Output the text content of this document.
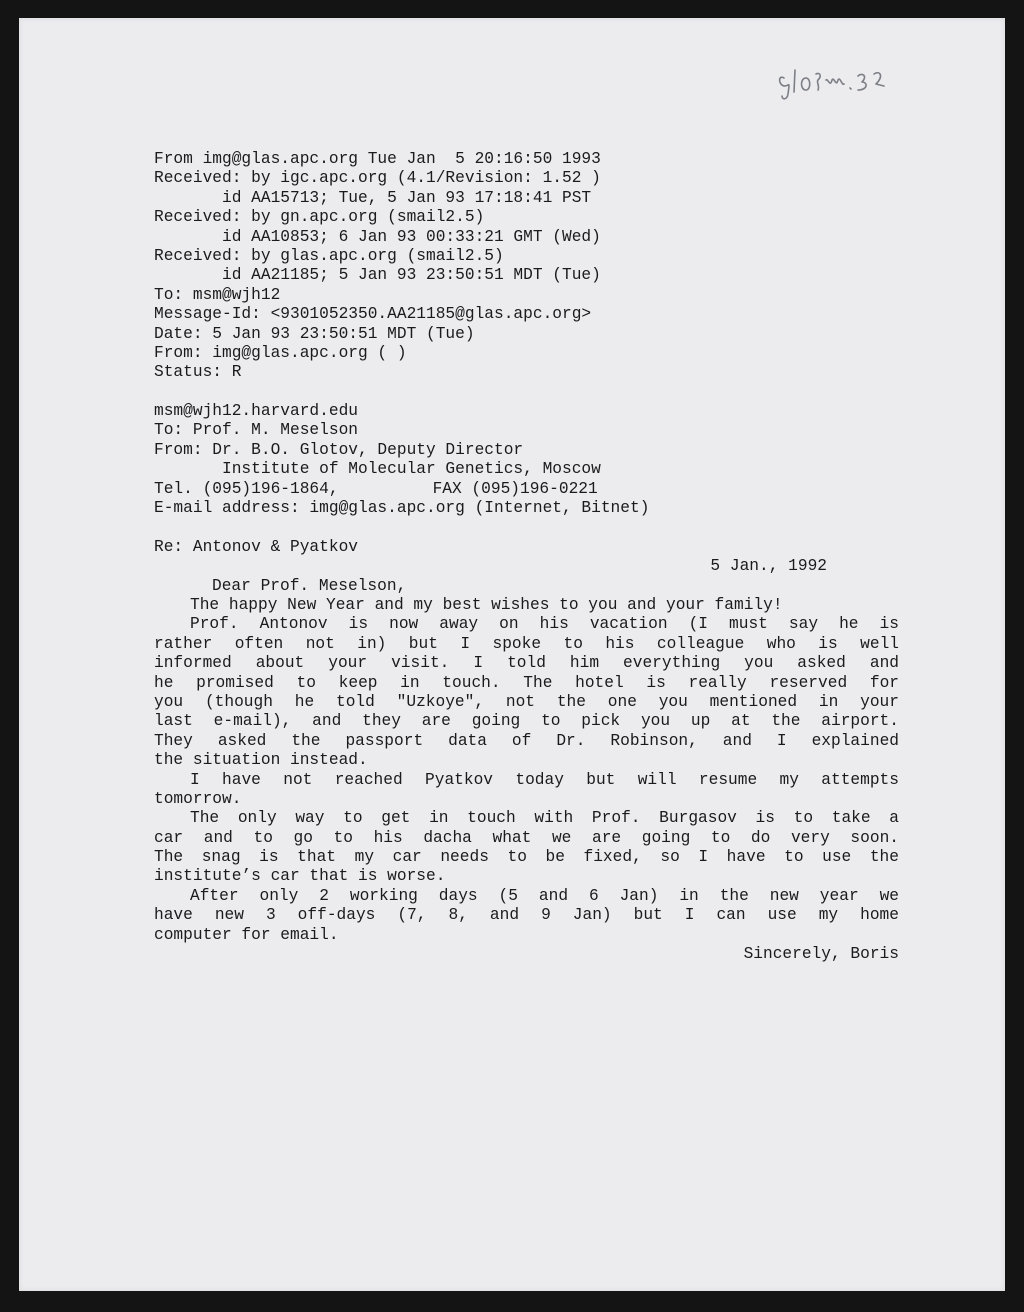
From img@glas.apc.org Tue Jan  5 20:16:50 1993
Received: by igc.apc.org (4.1/Revision: 1.52 )
id AA15713; Tue, 5 Jan 93 17:18:41 PST
Received: by gn.apc.org (smail2.5)
id AA10853; 6 Jan 93 00:33:21 GMT (Wed)
Received: by glas.apc.org (smail2.5)
id AA21185; 5 Jan 93 23:50:51 MDT (Tue)
To: msm@wjh12
Message-Id: <9301052350.AA21185@glas.apc.org>
Date: 5 Jan 93 23:50:51 MDT (Tue)
From: img@glas.apc.org ( )
Status: R
msm@wjh12.harvard.edu
To: Prof. M. Meselson
From: Dr. B.O. Glotov, Deputy Director
Institute of Molecular Genetics, Moscow
Tel. (095)196-1864,	FAX (095)196-0221
E-mail address: img@glas.apc.org (Internet, Bitnet)
Re: Antonov & Pyatkov
5 Jan., 1992
Dear Prof. Meselson,
The happy New Year and my best wishes to you and your family!
Prof. Antonov is now away on his vacation (I must say he is
rather often not in) but I spoke to his colleague who is well
informed about your visit. I told him everything you asked and
he promised to keep in touch. The hotel is really reserved for
you (though he told "Uzkoye", not the one you mentioned in your
last e-mail), and they are going to pick you up at the airport.
They asked the passport data of Dr. Robinson, and I explained
the situation instead.
I have not reached Pyatkov today but will resume my attempts
tomorrow.
The only way to get in touch with Prof. Burgasov is to take a
car and to go to his dacha what we are going to do very soon.
The snag is that my car needs to be fixed, so I have to use the
institute’s car that is worse.
After only 2 working days (5 and 6 Jan) in the new year we
have new 3 off-days (7, 8, and 9 Jan) but I can use my home
computer for email.
Sincerely, Boris
